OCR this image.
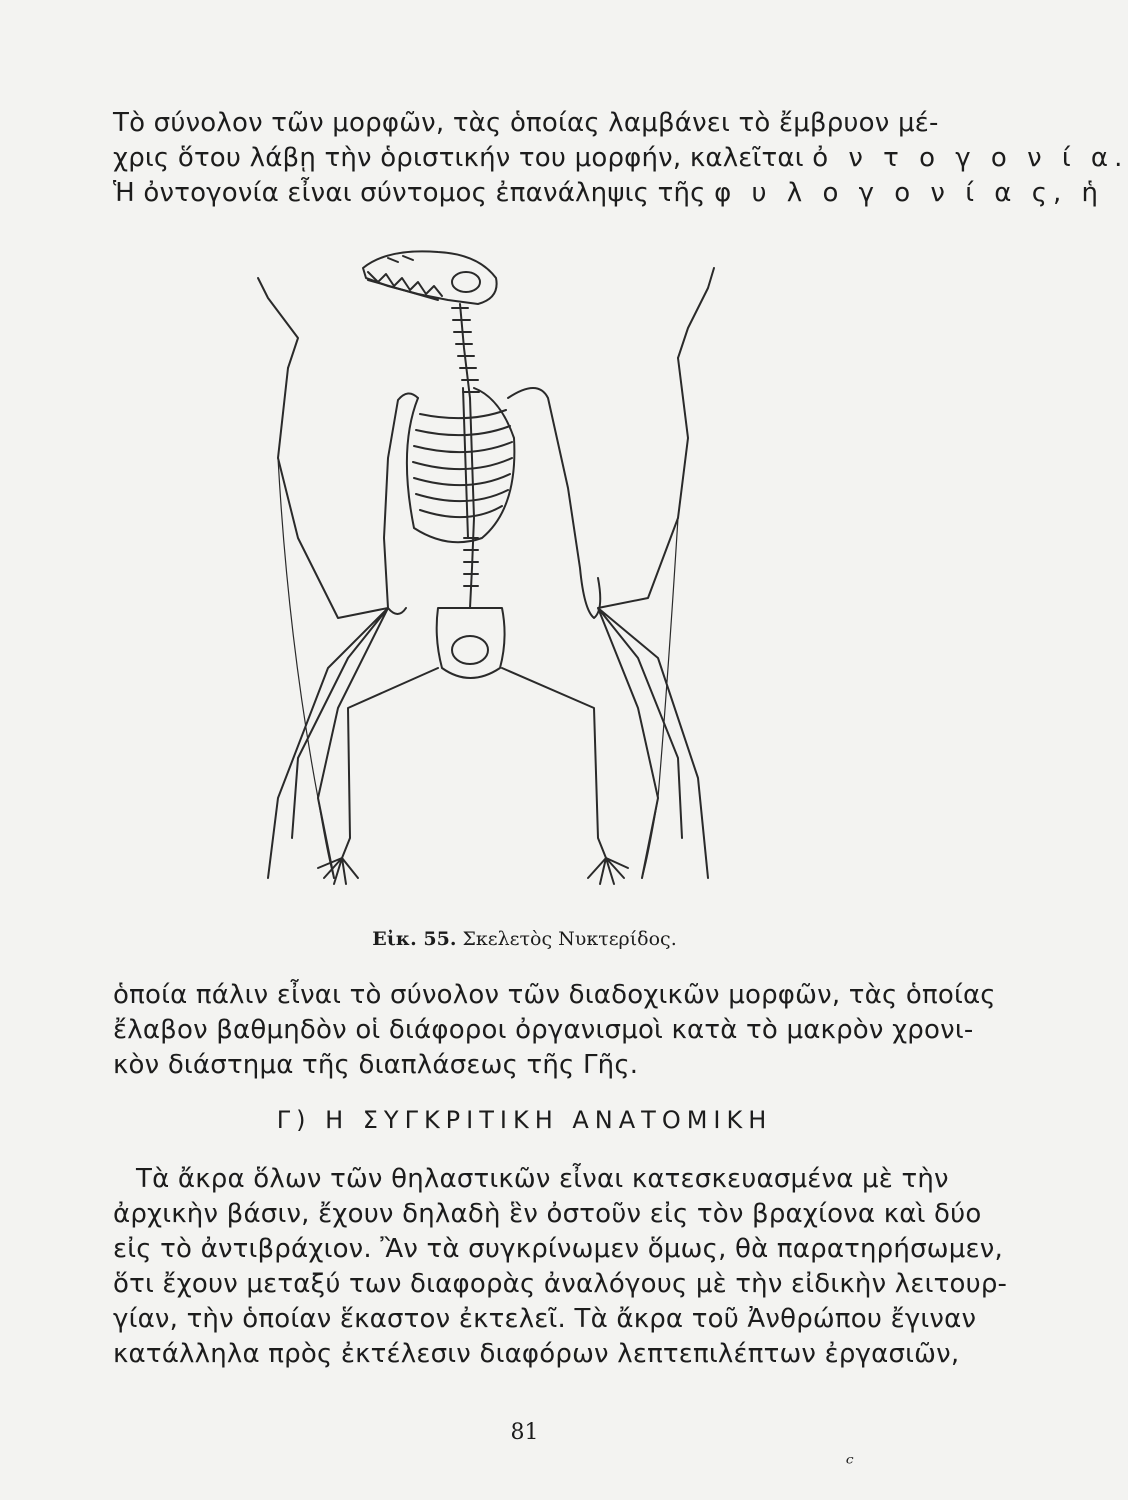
Τὸ σύνολον τῶν μορφῶν, τὰς ὁποίας λαμβάνει τὸ ἔμβρυον μέ-
χρις ὅτου λάβῃ τὴν ὁριστικήν του μορφήν, καλεῖται ὀ ν τ ο γ ο ν ί α.
Ἡ ὀντογονία εἶναι σύντομος ἐπανάληψις τῆς φ υ λ ο γ ο ν ί α ς, ἡ
Εἰκ. 55. Σκελετὸς Νυκτερίδος.
ὁποία πάλιν εἶναι τὸ σύνολον τῶν διαδοχικῶν μορφῶν, τὰς ὁποίας
ἔλαβον βαθμηδὸν οἱ διάφοροι ὀργανισμοὶ κατὰ τὸ μακρὸν χρονι-
κὸν διάστημα τῆς διαπλάσεως τῆς Γῆς.
Γ) Η ΣΥΓΚΡΙΤΙΚΗ ΑΝΑΤΟΜΙΚΗ
Τὰ ἄκρα ὅλων τῶν θηλαστικῶν εἶναι κατεσκευασμένα μὲ τὴν
ἀρχικὴν βάσιν, ἔχουν δηλαδὴ ἓν ὀστοῦν εἰς τὸν βραχίονα καὶ δύο
εἰς τὸ ἀντιβράχιον. Ἂν τὰ συγκρίνωμεν ὅμως, θὰ παρατηρήσωμεν,
ὅτι ἔχουν μεταξύ των διαφορὰς ἀναλόγους μὲ τὴν εἰδικὴν λειτουρ-
γίαν, τὴν ὁποίαν ἕκαστον ἐκτελεῖ. Τὰ ἄκρα τοῦ Ἀνθρώπου ἔγιναν
κατάλληλα πρὸς ἐκτέλεσιν διαφόρων λεπτεπιλέπτων ἐργασιῶν,
81
ᶜ
